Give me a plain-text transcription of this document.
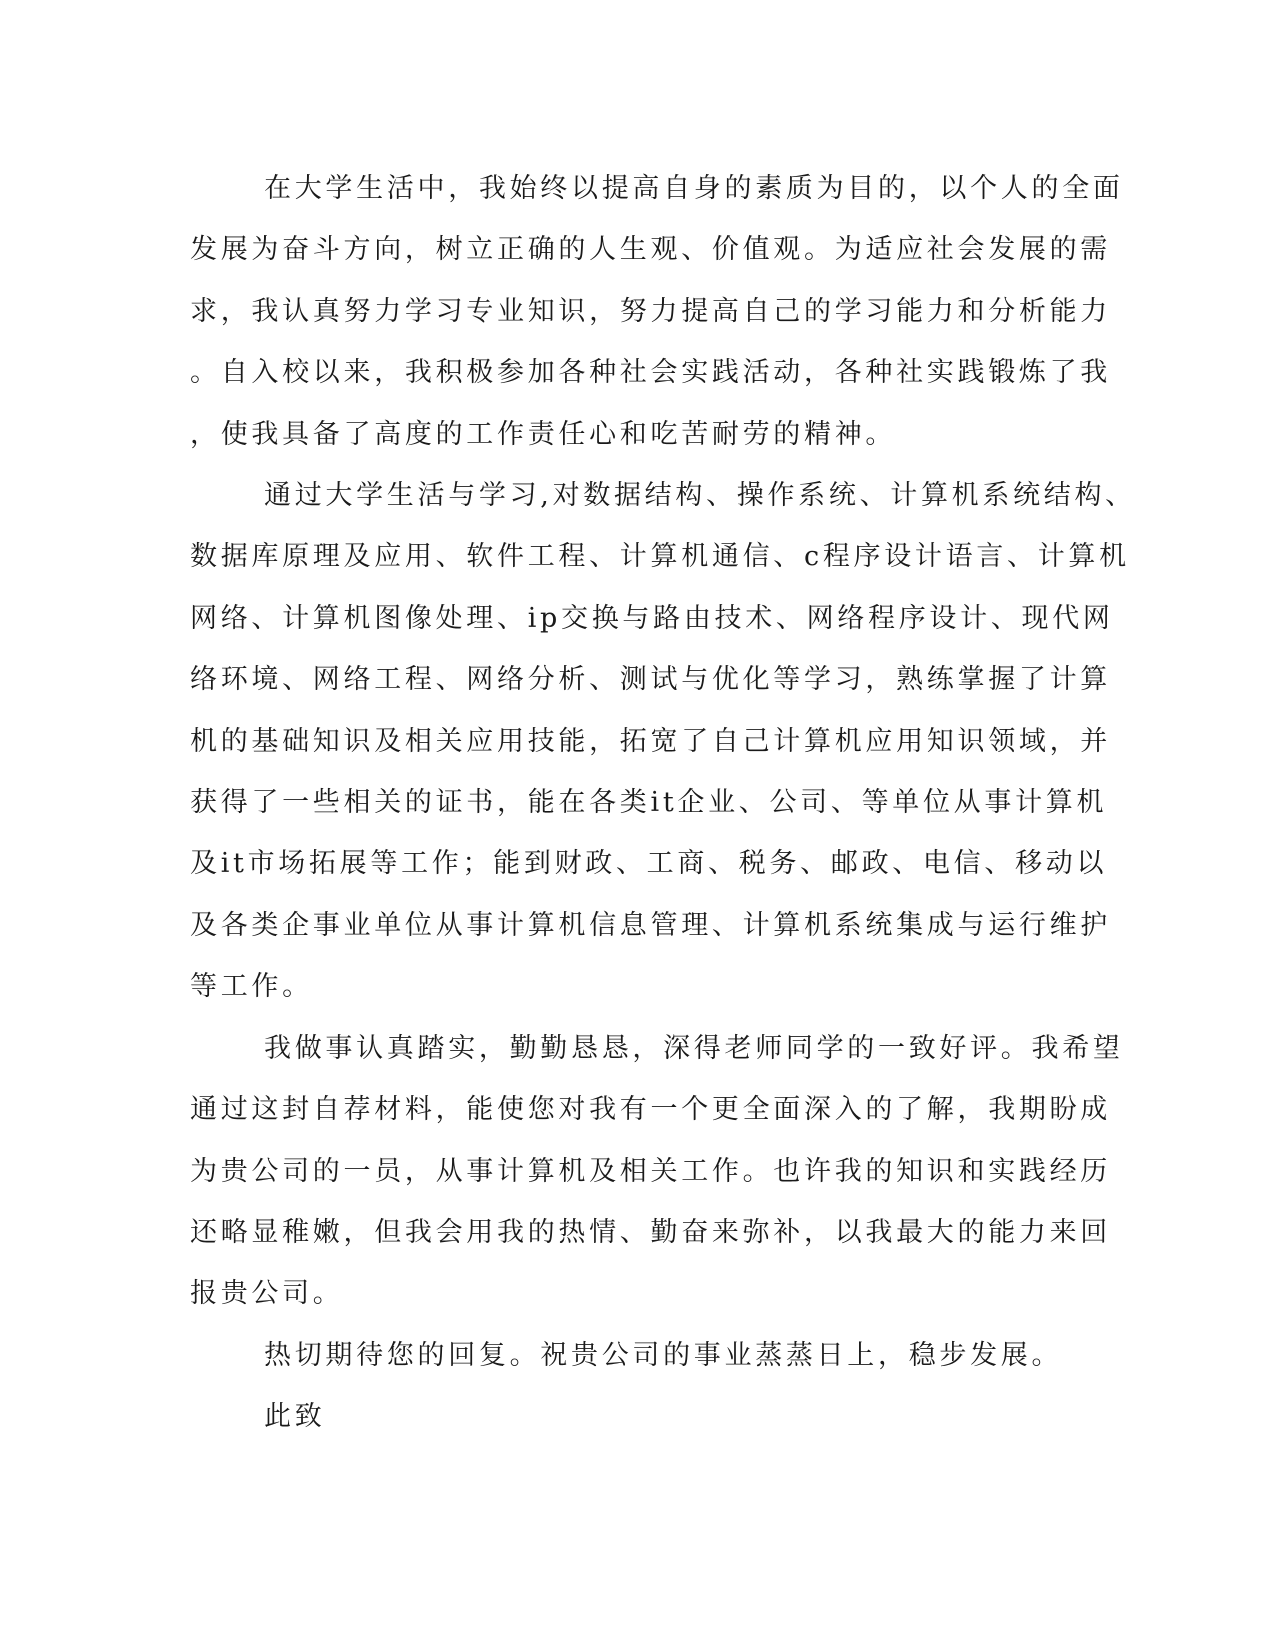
在大学生活中，我始终以提高自身的素质为目的，以个人的全面
发展为奋斗方向，树立正确的人生观、价值观。为适应社会发展的需
求，我认真努力学习专业知识，努力提高自己的学习能力和分析能力
。自入校以来，我积极参加各种社会实践活动，各种社实践锻炼了我
，使我具备了高度的工作责任心和吃苦耐劳的精神。

通过大学生活与学习,对数据结构、操作系统、计算机系统结构、
数据库原理及应用、软件工程、计算机通信、c程序设计语言、计算机
网络、计算机图像处理、ip交换与路由技术、网络程序设计、现代网
络环境、网络工程、网络分析、测试与优化等学习，熟练掌握了计算
机的基础知识及相关应用技能，拓宽了自己计算机应用知识领域，并
获得了一些相关的证书，能在各类it企业、公司、等单位从事计算机
及it市场拓展等工作；能到财政、工商、税务、邮政、电信、移动以
及各类企事业单位从事计算机信息管理、计算机系统集成与运行维护
等工作。

我做事认真踏实，勤勤恳恳，深得老师同学的一致好评。我希望
通过这封自荐材料，能使您对我有一个更全面深入的了解，我期盼成
为贵公司的一员，从事计算机及相关工作。也许我的知识和实践经历
还略显稚嫩，但我会用我的热情、勤奋来弥补，以我最大的能力来回
报贵公司。

热切期待您的回复。祝贵公司的事业蒸蒸日上，稳步发展。

此致
